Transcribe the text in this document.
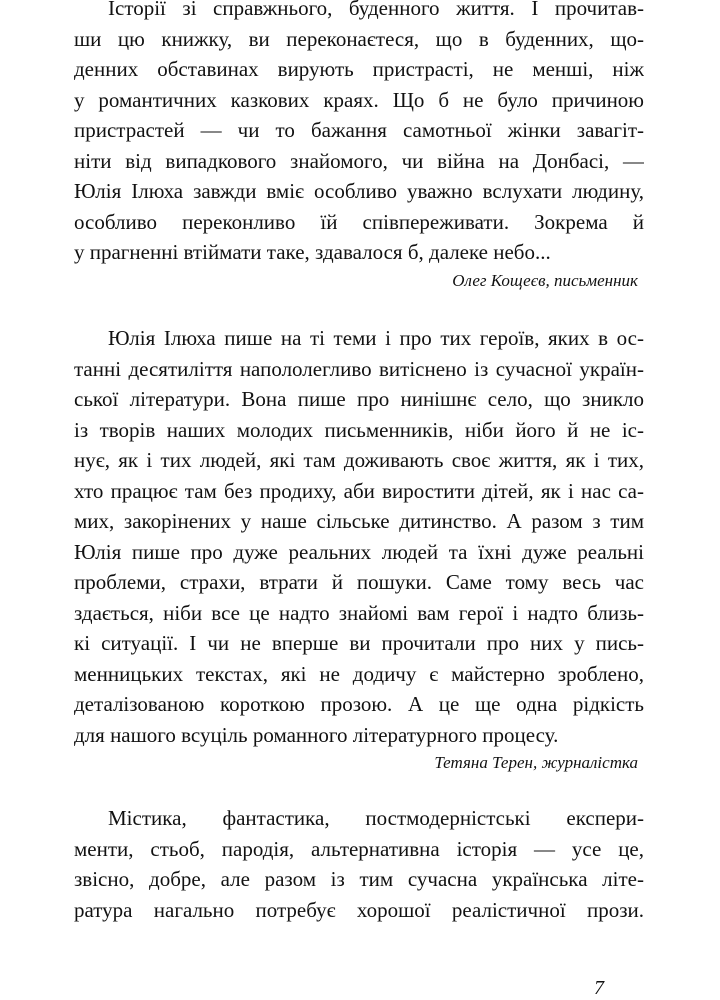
Історії зі справжнього, буденного життя. І прочитав-
ши цю книжку, ви переконаєтеся, що в буденних, що-
денних обставинах вирують пристрасті, не менші, ніж
у романтичних казкових краях. Що б не було причиною
пристрастей — чи то бажання самотньої жінки завагіт-
ніти від випадкового знайомого, чи війна на Донбасі, —
Юлія Ілюха завжди вміє особливо уважно вслухати людину,
особливо переконливо їй співпереживати. Зокрема й
у прагненні втіймати таке, здавалося б, далеке небо...
Олег Кощеєв, письменник
Юлія Ілюха пише на ті теми і про тих героїв, яких в ос-
танні десятиліття напололегливо витіснено із сучасної україн-
ської літератури. Вона пише про нинішнє село, що зникло
із творів наших молодих письменників, ніби його й не іс-
нує, як і тих людей, які там доживають своє життя, як і тих,
хто працює там без продиху, аби виростити дітей, як і нас са-
мих, закорінених у наше сільське дитинство. А разом з тим
Юлія пише про дуже реальних людей та їхні дуже реальні
проблеми, страхи, втрати й пошуки. Саме тому весь час
здається, ніби все це надто знайомі вам герої і надто близь-
кі ситуації. І чи не вперше ви прочитали про них у пись-
менницьких текстах, які не додичу є майстерно зроблено,
деталізованою короткою прозою. А це ще одна рідкість
для нашого всуціль романного літературного процесу.
Тетяна Терен, журналістка
Містика, фантастика, постмодерністські експери-
менти, стьоб, пародія, альтернативна історія — усе це,
звісно, добре, але разом із тим сучасна українська літе-
ратура нагально потребує хорошої реалістичної прози.
7
